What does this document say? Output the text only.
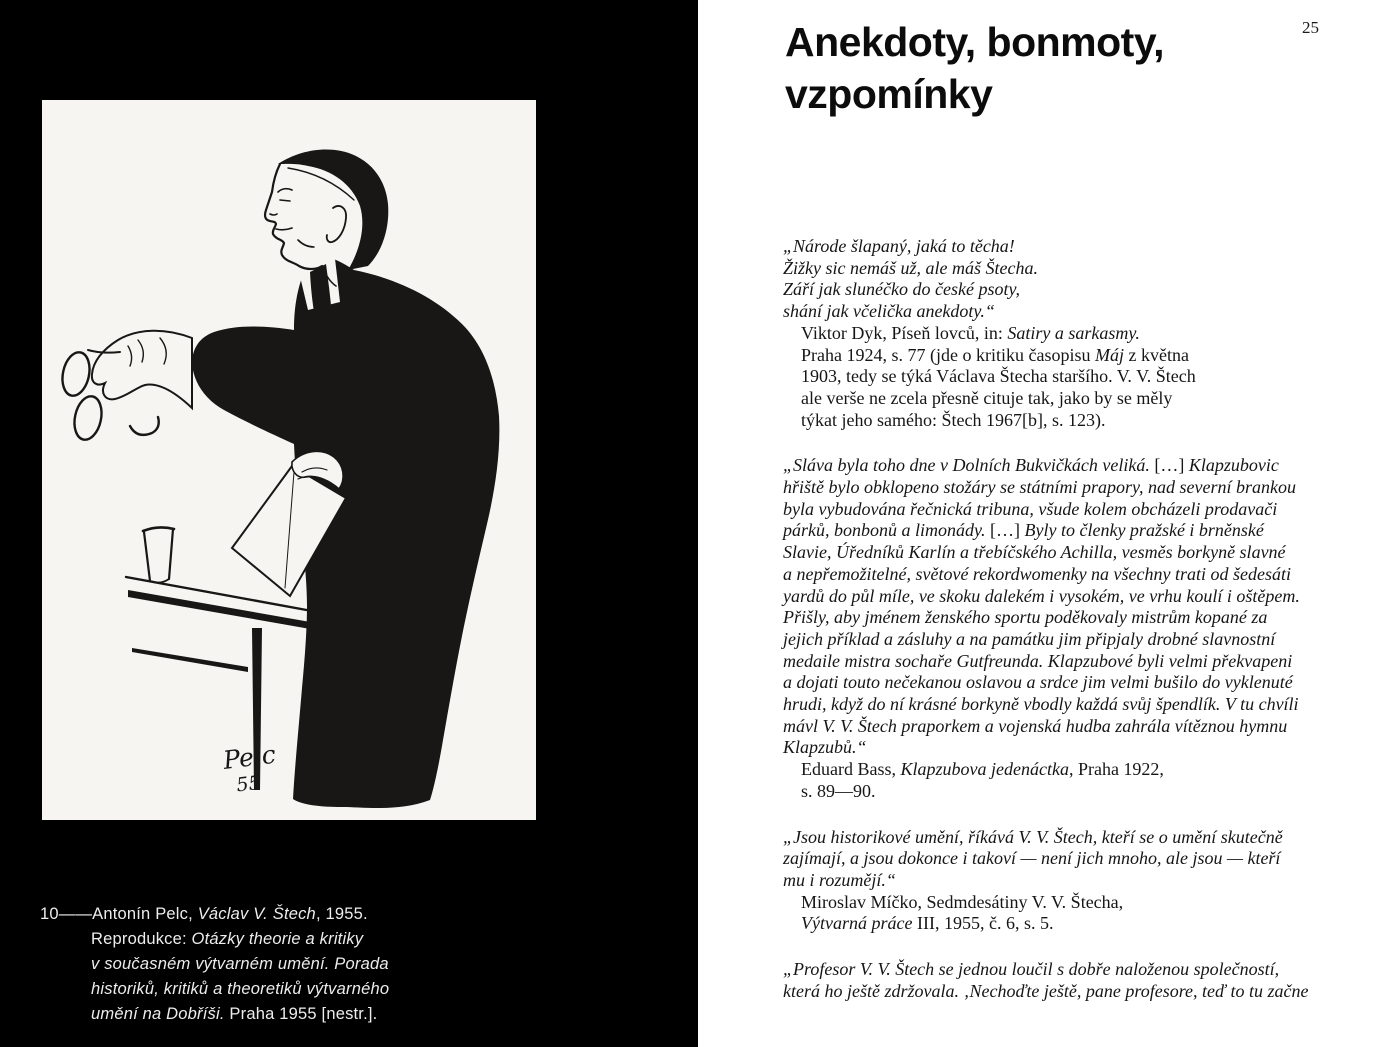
Pelc
55
10——Antonín Pelc, Václav V. Štech, 1955.
Reprodukce: Otázky theorie a kritiky
v současném výtvarném umění. Porada
historiků, kritiků a theoretiků výtvarného
umění na Dobříši. Praha 1955 [nestr.].
25
Anekdoty, bonmoty,
vzpomínky
„Národe šlapaný, jaká to těcha!
Žižky sic nemáš už, ale máš Štecha.
Září jak slunéčko do české psoty,
shání jak včelička anekdoty.“
Viktor Dyk, Píseň lovců, in: Satiry a sarkasmy.
Praha 1924, s. 77 (jde o kritiku časopisu Máj z května
1903, tedy se týká Václava Štecha staršího. V. V. Štech
ale verše ne zcela přesně cituje tak, jako by se měly
týkat jeho samého: Štech 1967[b], s. 123).
„Sláva byla toho dne v Dolních Bukvičkách veliká. […] Klapzubovic
hřiště bylo obklopeno stožáry se státními prapory, nad severní brankou
byla vybudována řečnická tribuna, všude kolem obcházeli prodavači
párků, bonbonů a limonády. […] Byly to členky pražské i brněnské
Slavie, Úředníků Karlín a třebíčského Achilla, vesměs borkyně slavné
a nepřemožitelné, světové rekordwomenky na všechny trati od šedesáti
yardů do půl míle, ve skoku dalekém i vysokém, ve vrhu koulí i oštěpem.
Přišly, aby jménem ženského sportu poděkovaly mistrům kopané za
jejich příklad a zásluhy a na památku jim připjaly drobné slavnostní
medaile mistra sochaře Gutfreunda. Klapzubové byli velmi překvapeni
a dojati touto nečekanou oslavou a srdce jim velmi bušilo do vyklenuté
hrudi, když do ní krásné borkyně vbodly každá svůj špendlík. V tu chvíli
mávl V. V. Štech praporkem a vojenská hudba zahrála vítěznou hymnu
Klapzubů.“
Eduard Bass, Klapzubova jedenáctka, Praha 1922,
s. 89—90.
„Jsou historikové umění, říkává V. V. Štech, kteří se o umění skutečně
zajímají, a jsou dokonce i takoví — není jich mnoho, ale jsou — kteří
mu i rozumějí.“
Miroslav Míčko, Sedmdesátiny V. V. Štecha,
Výtvarná práce III, 1955, č. 6, s. 5.
„Profesor V. V. Štech se jednou loučil s dobře naloženou společností,
která ho ještě zdržovala. ‚Nechoďte ještě, pane profesore, teď to tu začne
